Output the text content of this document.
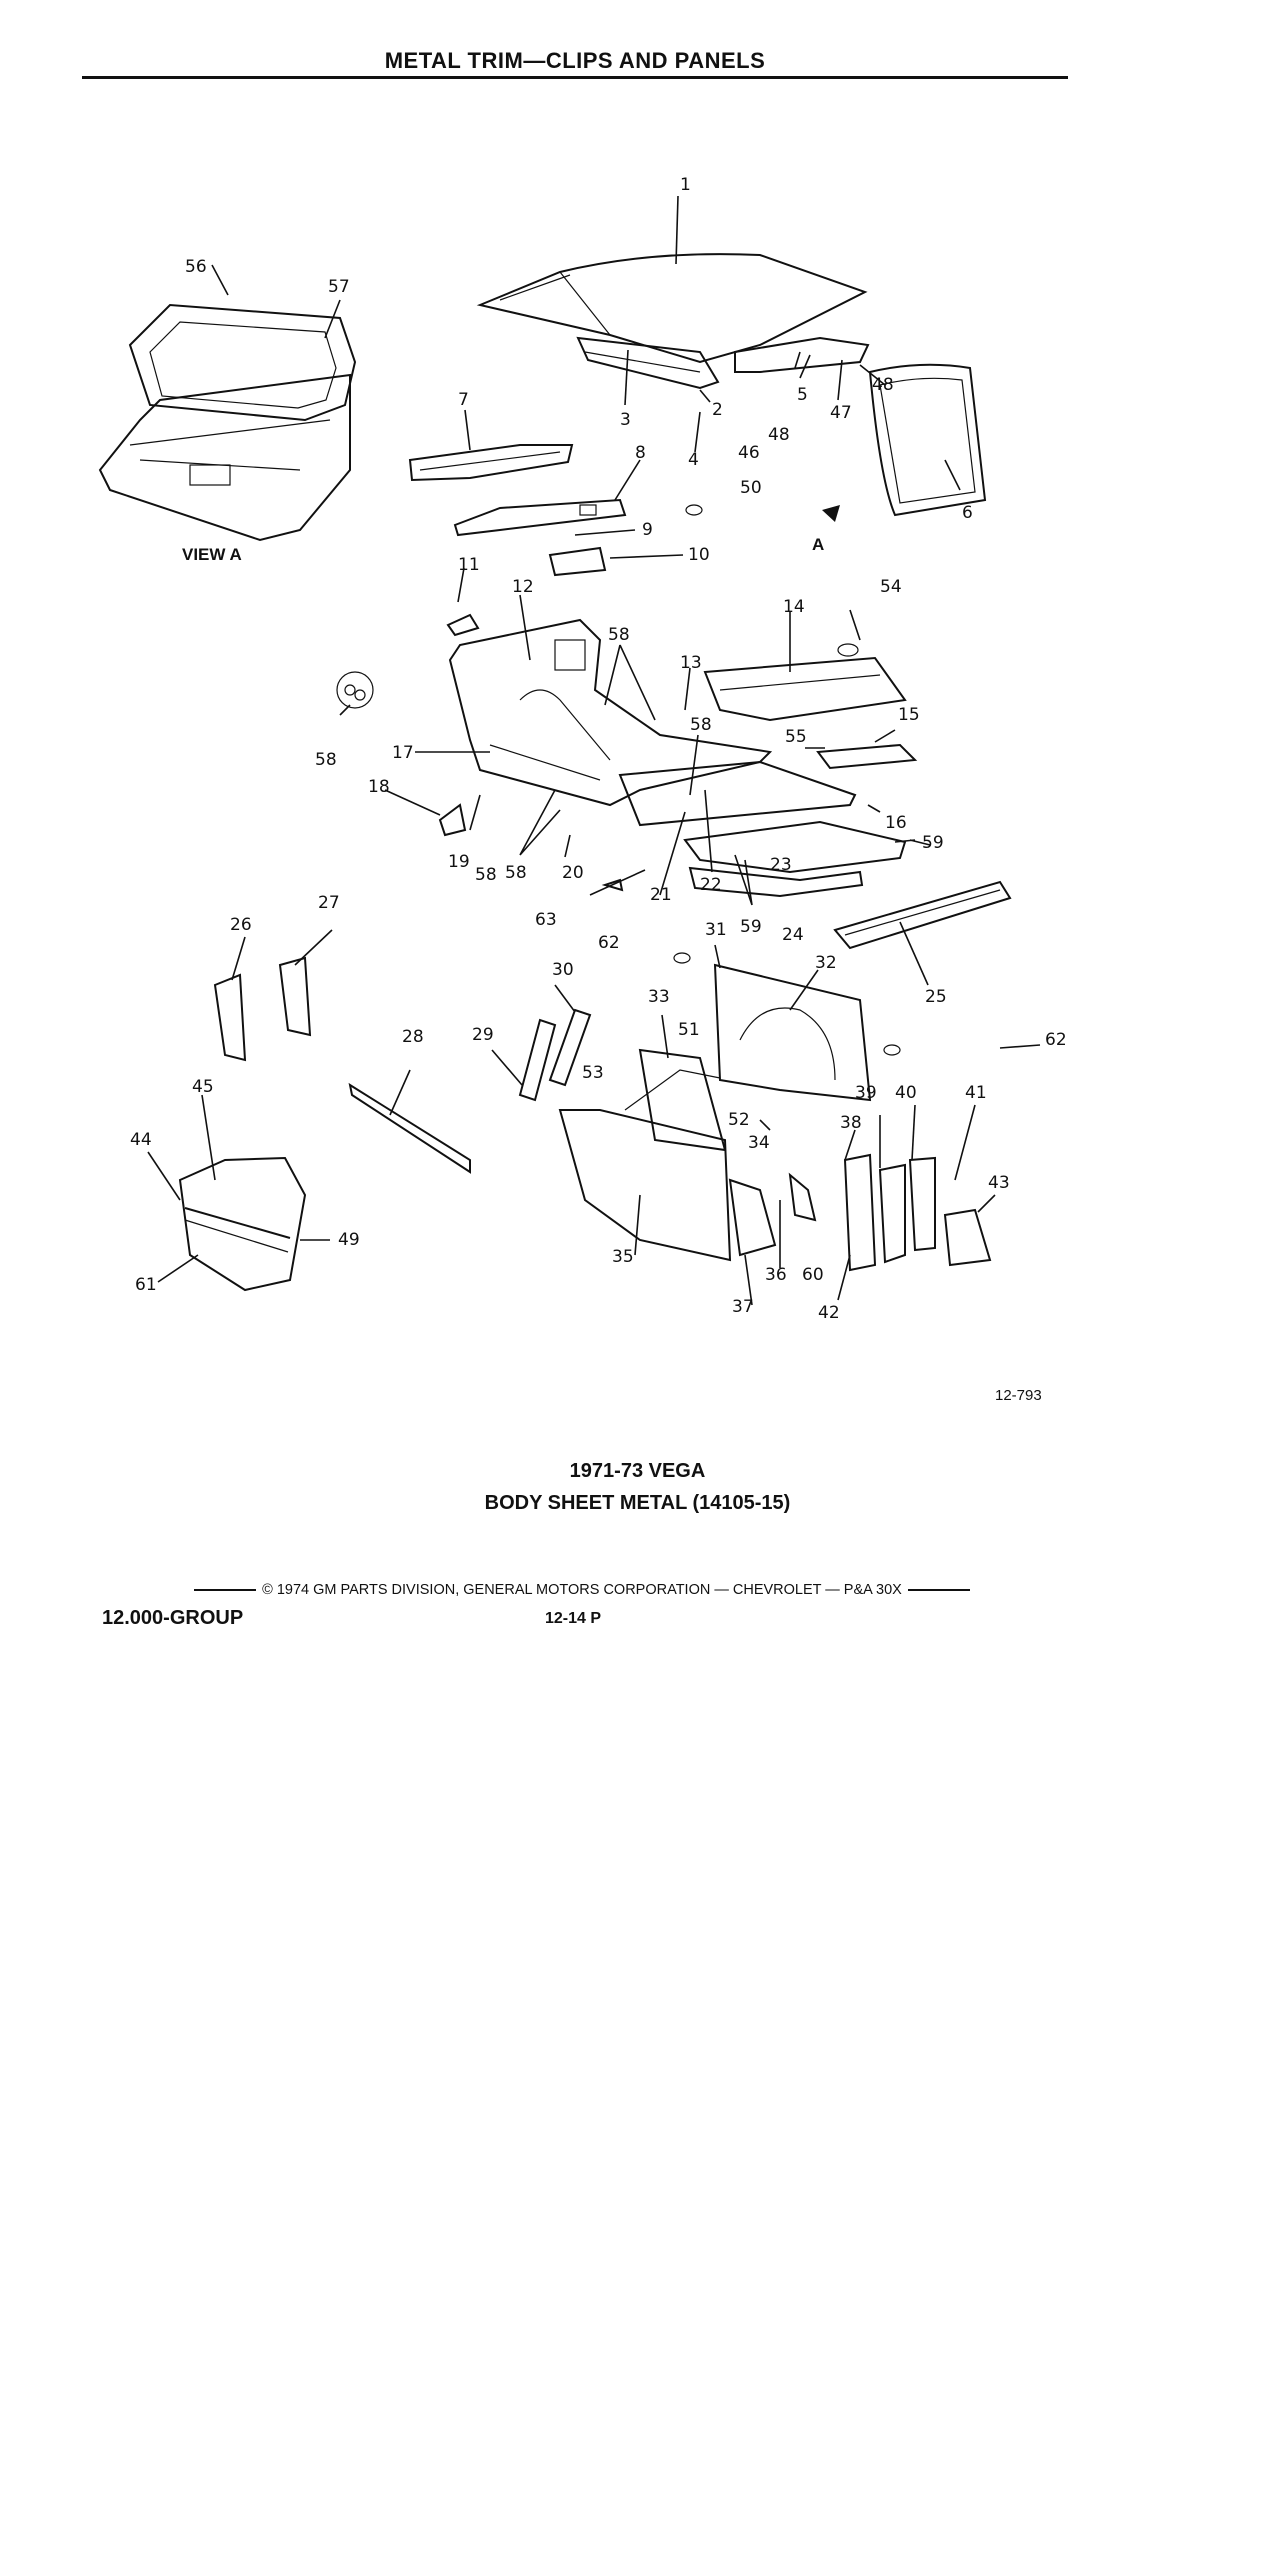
METAL TRIM—CLIPS AND PANELS
1
2
3
4
5
6
7
8
9
10
11
12
13
14
15
16
17
18
19
20
21 22
23
24
25
26
27
28	29
30
31
32
33
34
35
36
37
38
39 40	41
42
43
44
45
46
47
48
48
49
50
51
52
53
54
55
56
57
58
58
58
58 58
59
59
60
61
62
62
63
VIEW A
A
12-793
1971-73 VEGA
BODY SHEET METAL (14105-15)
© 1974 GM PARTS DIVISION, GENERAL MOTORS CORPORATION — CHEVROLET — P&A 30X
12.000-GROUP	12-14 P
